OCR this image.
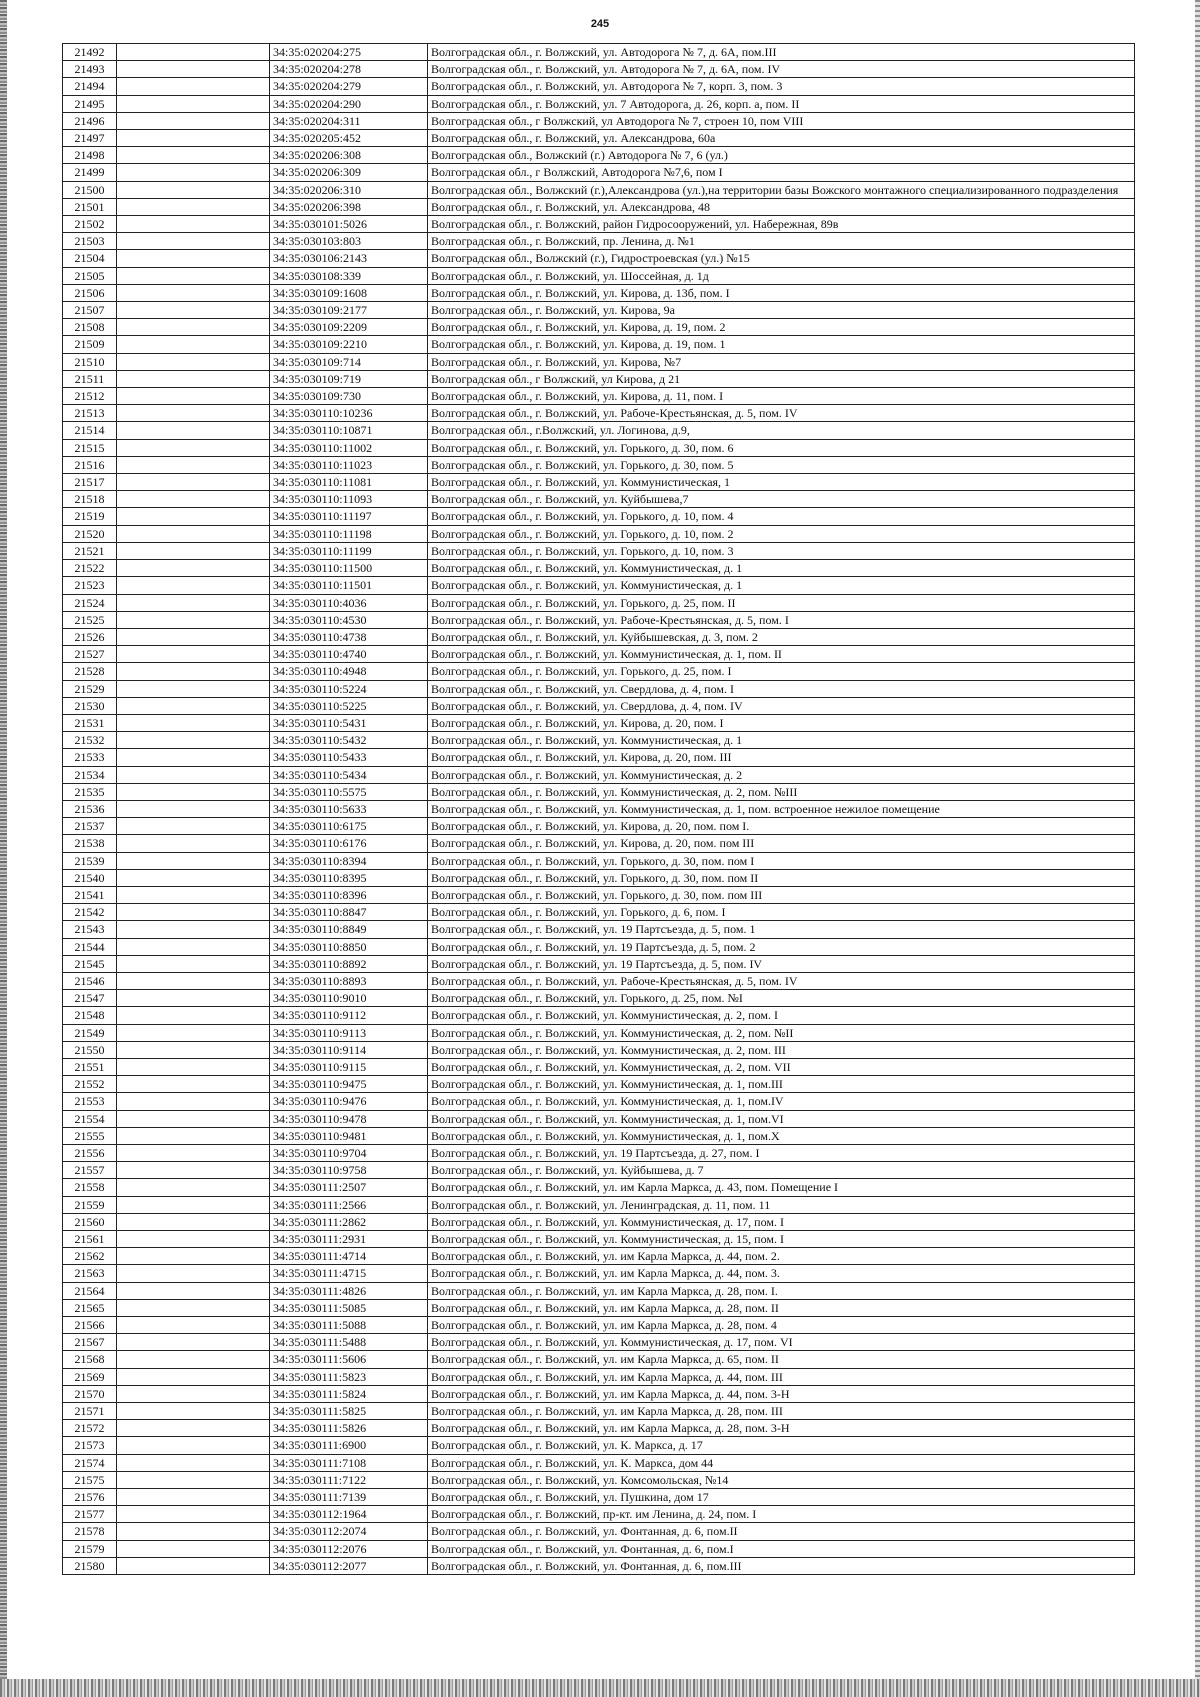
245
21492		34:35:020204:275	Волгоградская обл., г. Волжский, ул. Автодорога № 7, д. 6А, пом.III
21493		34:35:020204:278	Волгоградская обл., г. Волжский, ул. Автодорога № 7, д. 6А, пом. IV
21494		34:35:020204:279	Волгоградская обл., г. Волжский, ул. Автодорога № 7, корп. 3, пом. 3
21495		34:35:020204:290	Волгоградская обл., г. Волжский, ул. 7 Автодорога, д. 26, корп. а, пом. II
21496		34:35:020204:311	Волгоградская обл., г Волжский, ул Автодорога № 7, строен 10, пом VIII
21497		34:35:020205:452	Волгоградская обл., г. Волжский, ул. Александрова, 60а
21498		34:35:020206:308	Волгоградская обл., Волжский (г.) Автодорога № 7, 6 (ул.)
21499		34:35:020206:309	Волгоградская обл., г Волжский, Автодорога №7,6, пом I
21500		34:35:020206:310	Волгоградская обл., Волжский (г.),Александрова (ул.),на территории базы Вожского монтажного специализированного подразделения
21501		34:35:020206:398	Волгоградская обл., г. Волжский, ул. Александрова, 48
21502		34:35:030101:5026	Волгоградская обл., г. Волжский, район Гидросооружений, ул. Набережная, 89в
21503		34:35:030103:803	Волгоградская обл., г. Волжский, пр. Ленина, д. №1
21504		34:35:030106:2143	Волгоградская обл., Волжский (г.), Гидростроевская (ул.) №15
21505		34:35:030108:339	Волгоградская обл., г. Волжский, ул. Шоссейная, д. 1д
21506		34:35:030109:1608	Волгоградская обл., г. Волжский, ул. Кирова, д. 13б, пом. I
21507		34:35:030109:2177	Волгоградская обл., г. Волжский, ул. Кирова, 9а
21508		34:35:030109:2209	Волгоградская обл., г. Волжский, ул. Кирова, д. 19, пом. 2
21509		34:35:030109:2210	Волгоградская обл., г. Волжский, ул. Кирова, д. 19, пом. 1
21510		34:35:030109:714	Волгоградская обл., г. Волжский, ул. Кирова, №7
21511		34:35:030109:719	Волгоградская обл., г Волжский, ул Кирова, д 21
21512		34:35:030109:730	Волгоградская обл., г. Волжский, ул. Кирова, д. 11, пом. I
21513		34:35:030110:10236	Волгоградская обл., г. Волжский, ул. Рабоче-Крестьянская, д. 5, пом. IV
21514		34:35:030110:10871	Волгоградская обл., г.Волжский, ул. Логинова, д.9,
21515		34:35:030110:11002	Волгоградская обл., г. Волжский, ул. Горького, д. 30, пом. 6
21516		34:35:030110:11023	Волгоградская обл., г. Волжский, ул. Горького, д. 30, пом. 5
21517		34:35:030110:11081	Волгоградская обл., г. Волжский, ул. Коммунистическая, 1
21518		34:35:030110:11093	Волгоградская обл., г. Волжский, ул. Куйбышева,7
21519		34:35:030110:11197	Волгоградская обл., г. Волжский, ул. Горького, д. 10, пом. 4
21520		34:35:030110:11198	Волгоградская обл., г. Волжский, ул. Горького, д. 10, пом. 2
21521		34:35:030110:11199	Волгоградская обл., г. Волжский, ул. Горького, д. 10, пом. 3
21522		34:35:030110:11500	Волгоградская обл., г. Волжский, ул. Коммунистическая, д. 1
21523		34:35:030110:11501	Волгоградская обл., г. Волжский, ул. Коммунистическая, д. 1
21524		34:35:030110:4036	Волгоградская обл., г. Волжский, ул. Горького, д. 25, пом. II
21525		34:35:030110:4530	Волгоградская обл., г. Волжский, ул. Рабоче-Крестьянская, д. 5, пом. I
21526		34:35:030110:4738	Волгоградская обл., г. Волжский, ул. Куйбышевская, д. 3, пом. 2
21527		34:35:030110:4740	Волгоградская обл., г. Волжский, ул. Коммунистическая, д. 1, пом. II
21528		34:35:030110:4948	Волгоградская обл., г. Волжский, ул. Горького, д. 25, пом. I
21529		34:35:030110:5224	Волгоградская обл., г. Волжский, ул. Свердлова, д. 4, пом. I
21530		34:35:030110:5225	Волгоградская обл., г. Волжский, ул. Свердлова, д. 4, пом. IV
21531		34:35:030110:5431	Волгоградская обл., г. Волжский, ул. Кирова, д. 20, пом. I
21532		34:35:030110:5432	Волгоградская обл., г. Волжский, ул. Коммунистическая, д. 1
21533		34:35:030110:5433	Волгоградская обл., г. Волжский, ул. Кирова, д. 20, пом. III
21534		34:35:030110:5434	Волгоградская обл., г. Волжский, ул. Коммунистическая, д. 2
21535		34:35:030110:5575	Волгоградская обл., г. Волжский, ул. Коммунистическая, д. 2, пом. №III
21536		34:35:030110:5633	Волгоградская обл., г. Волжский, ул. Коммунистическая, д. 1, пом. встроенное нежилое помещение
21537		34:35:030110:6175	Волгоградская обл., г. Волжский, ул. Кирова, д. 20, пом. пом I.
21538		34:35:030110:6176	Волгоградская обл., г. Волжский, ул. Кирова, д. 20, пом. пом III
21539		34:35:030110:8394	Волгоградская обл., г. Волжский, ул. Горького, д. 30, пом. пом I
21540		34:35:030110:8395	Волгоградская обл., г. Волжский, ул. Горького, д. 30, пом. пом II
21541		34:35:030110:8396	Волгоградская обл., г. Волжский, ул. Горького, д. 30, пом. пом III
21542		34:35:030110:8847	Волгоградская обл., г. Волжский, ул. Горького, д. 6, пом. I
21543		34:35:030110:8849	Волгоградская обл., г. Волжский, ул. 19 Партсъезда, д. 5, пом. 1
21544		34:35:030110:8850	Волгоградская обл., г. Волжский, ул. 19 Партсъезда, д. 5, пом. 2
21545		34:35:030110:8892	Волгоградская обл., г. Волжский, ул. 19 Партсъезда, д. 5, пом. IV
21546		34:35:030110:8893	Волгоградская обл., г. Волжский, ул. Рабоче-Крестьянская, д. 5, пом. IV
21547		34:35:030110:9010	Волгоградская обл., г. Волжский, ул. Горького, д. 25, пом. №I
21548		34:35:030110:9112	Волгоградская обл., г. Волжский, ул. Коммунистическая, д. 2, пом. I
21549		34:35:030110:9113	Волгоградская обл., г. Волжский, ул. Коммунистическая, д. 2, пом. №II
21550		34:35:030110:9114	Волгоградская обл., г. Волжский, ул. Коммунистическая, д. 2, пом. III
21551		34:35:030110:9115	Волгоградская обл., г. Волжский, ул. Коммунистическая, д. 2, пом. VII
21552		34:35:030110:9475	Волгоградская обл., г. Волжский, ул. Коммунистическая, д. 1, пом.III
21553		34:35:030110:9476	Волгоградская обл., г. Волжский, ул. Коммунистическая, д. 1, пом.IV
21554		34:35:030110:9478	Волгоградская обл., г. Волжский, ул. Коммунистическая, д. 1, пом.VI
21555		34:35:030110:9481	Волгоградская обл., г. Волжский, ул. Коммунистическая, д. 1, пом.X
21556		34:35:030110:9704	Волгоградская обл., г. Волжский, ул. 19 Партсъезда, д. 27, пом. I
21557		34:35:030110:9758	Волгоградская обл., г. Волжский, ул. Куйбышева, д. 7
21558		34:35:030111:2507	Волгоградская обл., г. Волжский, ул. им Карла Маркса, д. 43, пом. Помещение I
21559		34:35:030111:2566	Волгоградская обл., г. Волжский, ул. Ленинградская, д. 11, пом. 11
21560		34:35:030111:2862	Волгоградская обл., г. Волжский, ул. Коммунистическая, д. 17, пом. I
21561		34:35:030111:2931	Волгоградская обл., г. Волжский, ул. Коммунистическая, д. 15, пом. I
21562		34:35:030111:4714	Волгоградская обл., г. Волжский, ул. им Карла Маркса, д. 44, пом. 2.
21563		34:35:030111:4715	Волгоградская обл., г. Волжский, ул. им Карла Маркса, д. 44, пом. 3.
21564		34:35:030111:4826	Волгоградская обл., г. Волжский, ул. им Карла Маркса, д. 28, пом. I.
21565		34:35:030111:5085	Волгоградская обл., г. Волжский, ул. им Карла Маркса, д. 28, пом. II
21566		34:35:030111:5088	Волгоградская обл., г. Волжский, ул. им Карла Маркса, д. 28, пом. 4
21567		34:35:030111:5488	Волгоградская обл., г. Волжский, ул. Коммунистическая, д. 17, пом. VI
21568		34:35:030111:5606	Волгоградская обл., г. Волжский, ул. им Карла Маркса, д. 65, пом. II
21569		34:35:030111:5823	Волгоградская обл., г. Волжский, ул. им Карла Маркса, д. 44, пом. III
21570		34:35:030111:5824	Волгоградская обл., г. Волжский, ул. им Карла Маркса, д. 44, пом. 3-Н
21571		34:35:030111:5825	Волгоградская обл., г. Волжский, ул. им Карла Маркса, д. 28, пом. III
21572		34:35:030111:5826	Волгоградская обл., г. Волжский, ул. им Карла Маркса, д. 28, пом. 3-Н
21573		34:35:030111:6900	Волгоградская обл., г. Волжский, ул. К. Маркса, д. 17
21574		34:35:030111:7108	Волгоградская обл., г. Волжский, ул. К. Маркса, дом 44
21575		34:35:030111:7122	Волгоградская обл., г. Волжский, ул. Комсомольская, №14
21576		34:35:030111:7139	Волгоградская обл., г. Волжский, ул. Пушкина, дом 17
21577		34:35:030112:1964	Волгоградская обл., г. Волжский, пр-кт. им Ленина, д. 24, пом. I
21578		34:35:030112:2074	Волгоградская обл., г. Волжский, ул. Фонтанная, д. 6, пом.II
21579		34:35:030112:2076	Волгоградская обл., г. Волжский, ул. Фонтанная, д. 6, пом.I
21580		34:35:030112:2077	Волгоградская обл., г. Волжский, ул. Фонтанная, д. 6, пом.III
